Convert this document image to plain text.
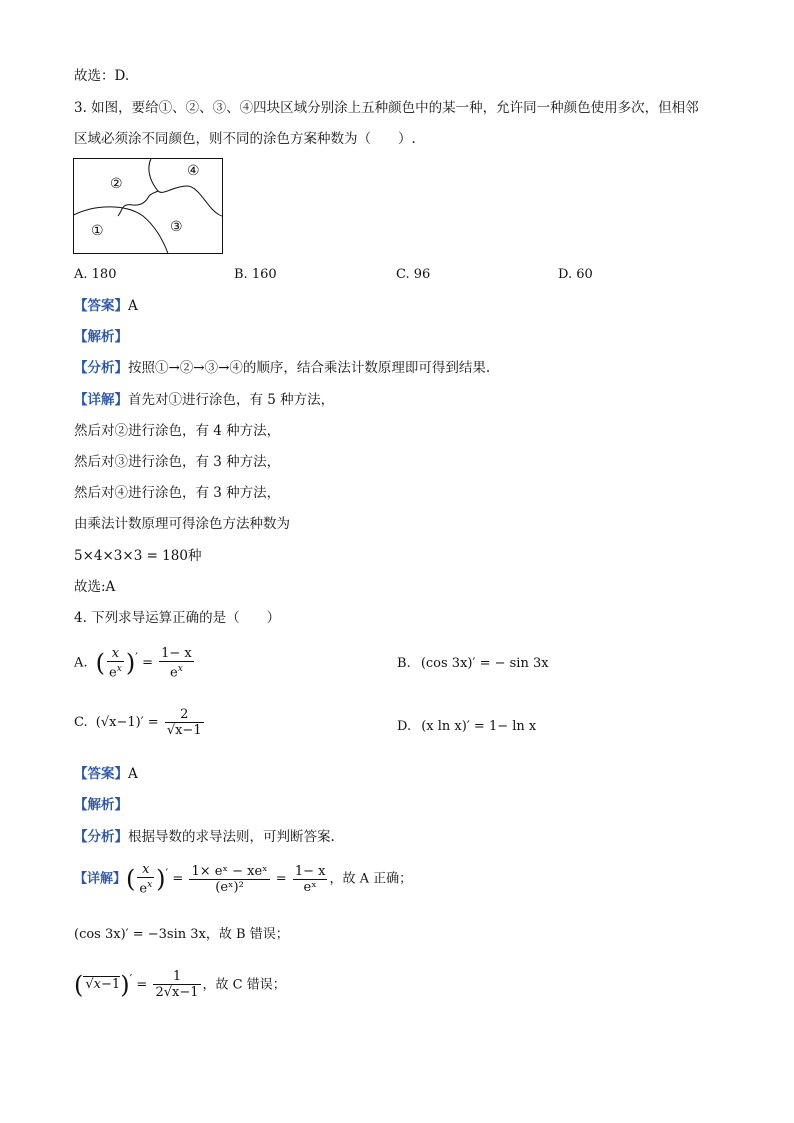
故选：D.
3. 如图，要给①、②、③、④四块区域分别涂上五种颜色中的某一种，允许同一种颜色使用多次，但相邻
区域必须涂不同颜色，则不同的涂色方案种数为（　　）.
①
②
③
④
A. 180	B. 160	C. 96	D. 60
【答案】A
【解析】
【分析】按照①→②→③→④的顺序，结合乘法计数原理即可得到结果.
【详解】首先对①进行涂色，有 5 种方法，
然后对②进行涂色，有 4 种方法，
然后对③进行涂色，有 3 种方法，
然后对④进行涂色，有 3 种方法，
由乘法计数原理可得涂色方法种数为
5×4×3×3 = 180种
故选:A
4. 下列求导运算正确的是（　　）
A. ( $\frac{x}{e^x}$ )′ = $\frac{1- x}{e^x}$	B. (cos 3x)′ = − sin 3x
C. $(√x-1)' = \frac{2}{√x-1}$	D. (x ln x)′ = 1− ln x
【答案】A
【解析】
【分析】根据导数的求导法则，可判断答案.
【详解】( $\frac{x}{e^x}$ )′ = $\frac{\text{1× eˣ − xeˣ}}{\text{(eˣ)²}} = \frac{1- x}{\text{eˣ}}$ ，故 A 正确；
(cos 3x)′ = −3sin 3x，故 B 错误；
( $√x-1)' = \frac{1}{2√x-1}$ ，故 C 错误；
